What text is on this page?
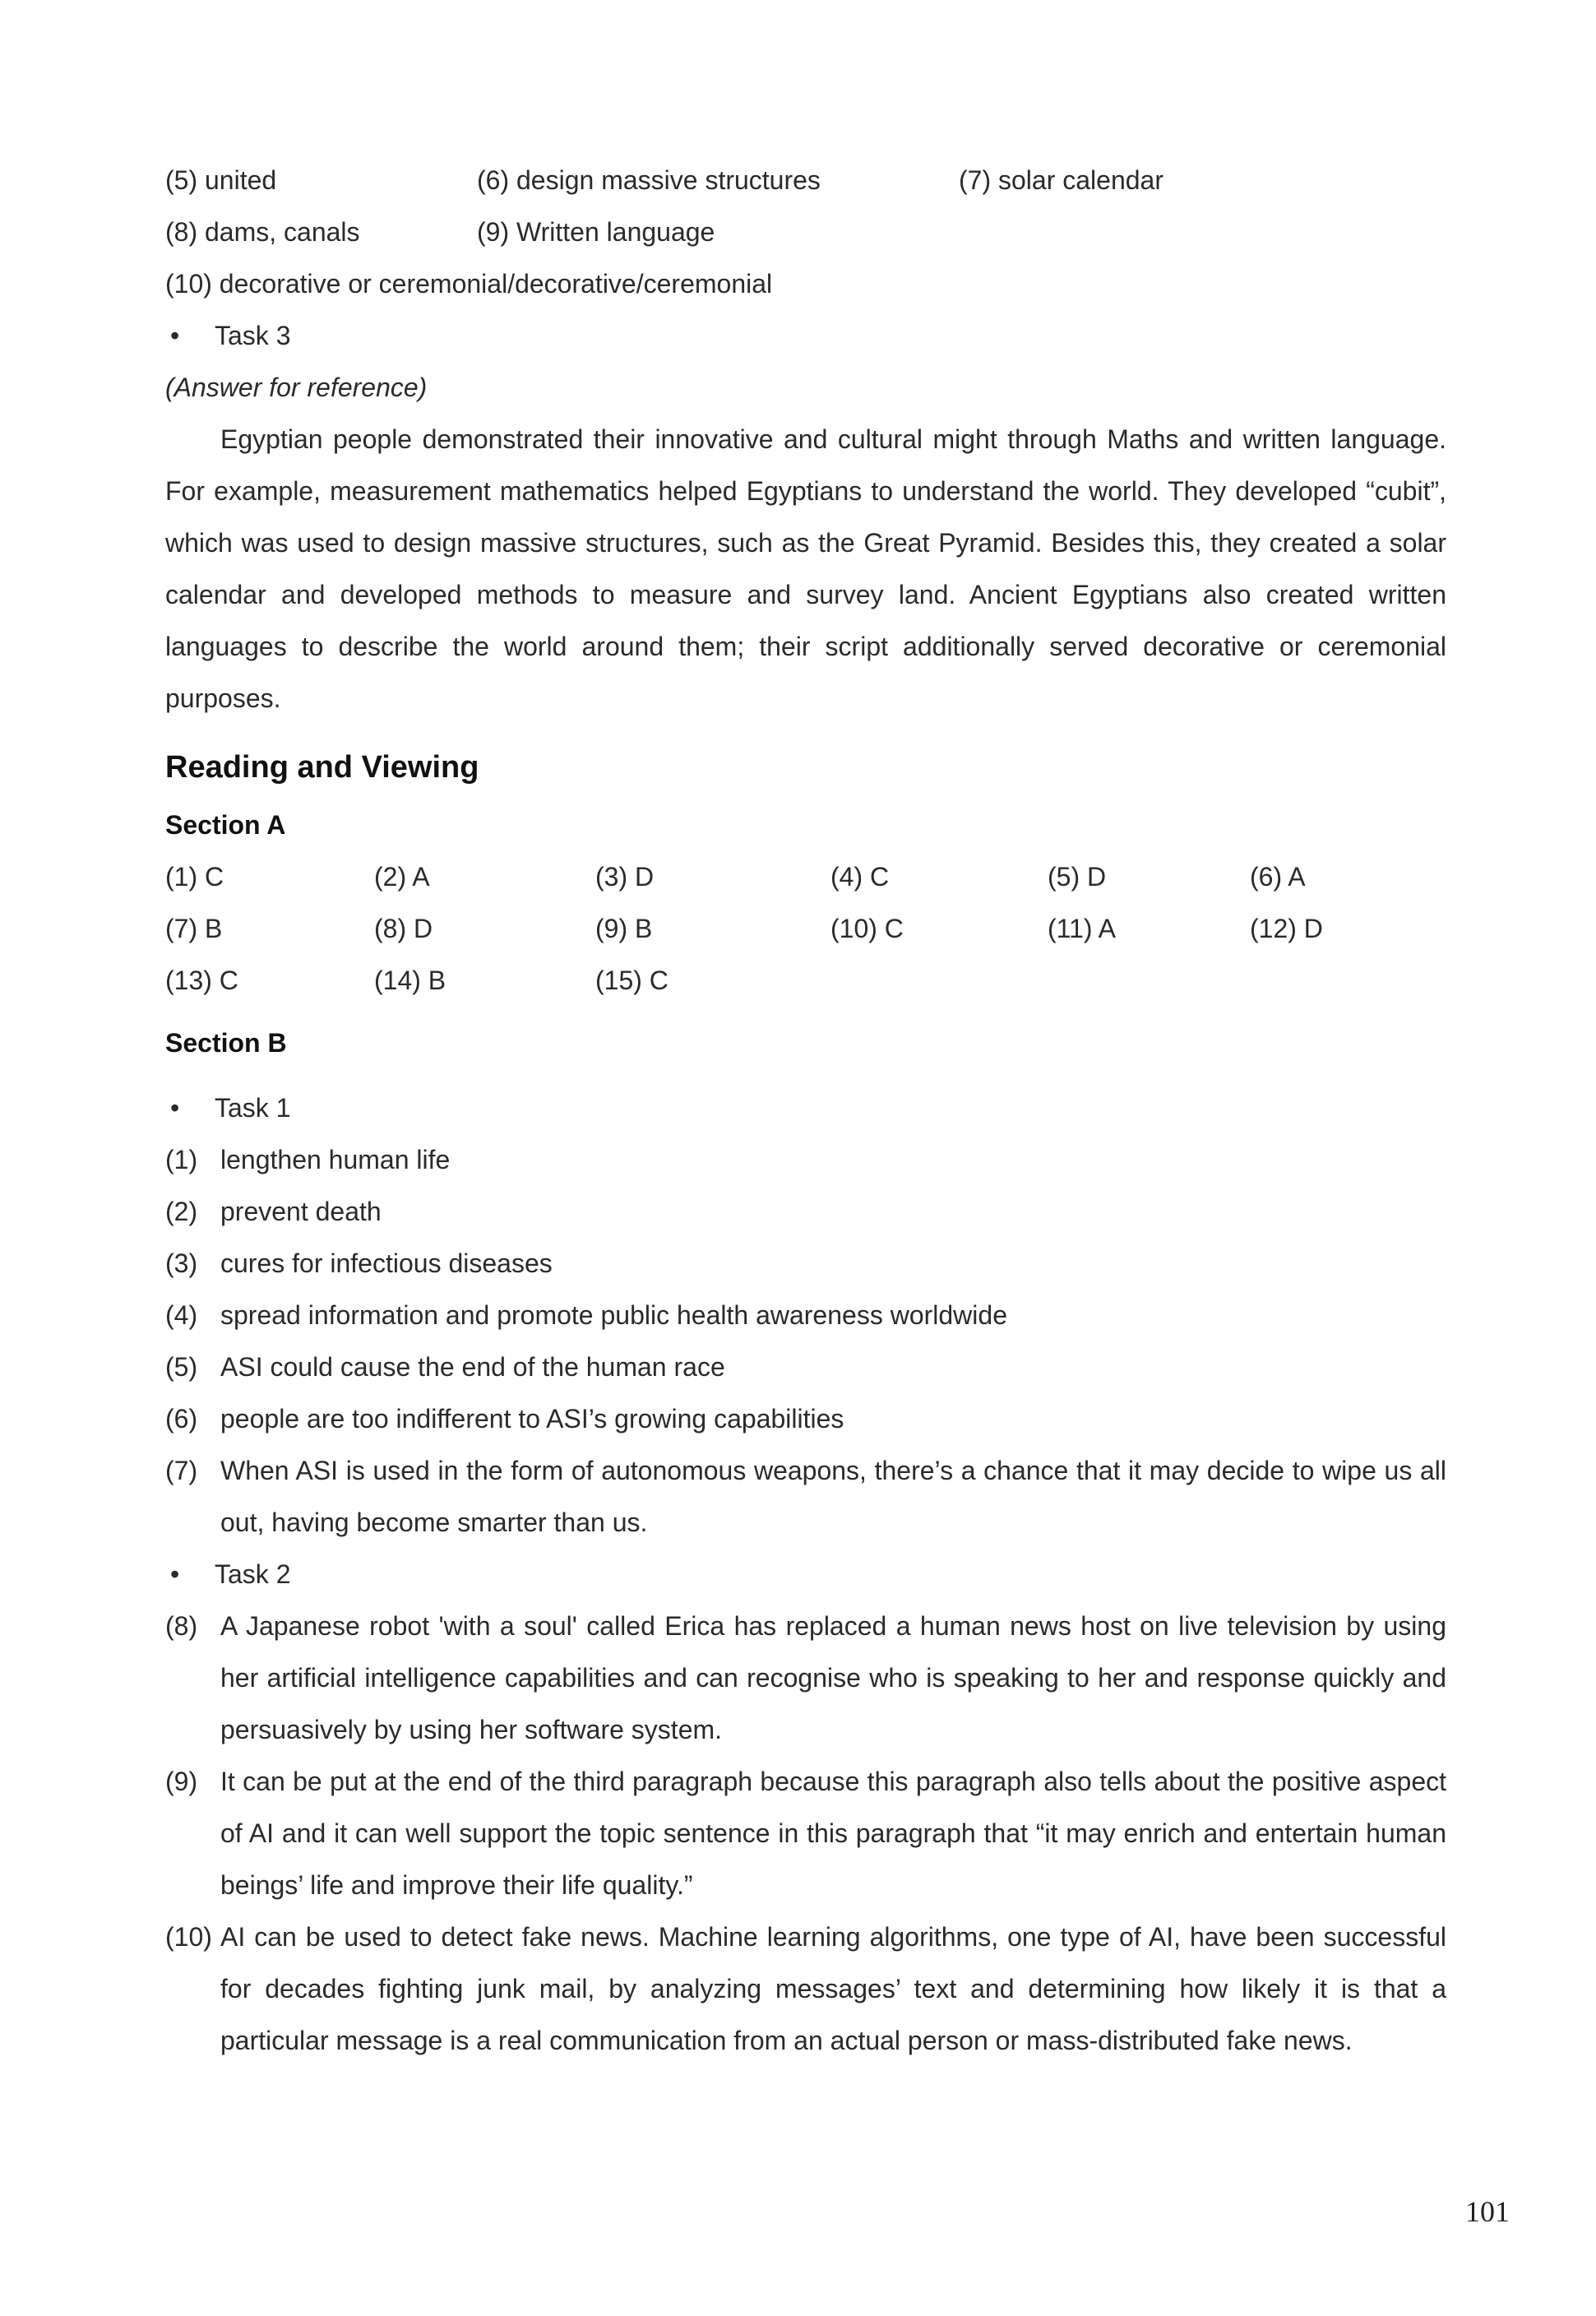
(5) united	(6) design massive structures	(7) solar calendar
(8) dams, canals	(9) Written language
(10) decorative or ceremonial/decorative/ceremonial
• Task 3
(Answer for reference)
Egyptian people demonstrated their innovative and cultural might through Maths and written language. For example, measurement mathematics helped Egyptians to understand the world. They developed “cubit”, which was used to design massive structures, such as the Great Pyramid. Besides this, they created a solar calendar and developed methods to measure and survey land. Ancient Egyptians also created written languages to describe the world around them; their script additionally served decorative or ceremonial purposes.
Reading and Viewing
Section A
(1) C	(2) A	(3) D	(4) C	(5) D	(6) A
(7) B	(8) D	(9) B	(10) C	(11) A	(12) D
(13) C	(14) B	(15) C
Section B
• Task 1
(1) lengthen human life
(2) prevent death
(3) cures for infectious diseases
(4) spread information and promote public health awareness worldwide
(5) ASI could cause the end of the human race
(6) people are too indifferent to ASI’s growing capabilities
(7) When ASI is used in the form of autonomous weapons, there’s a chance that it may decide to wipe us all out, having become smarter than us.
• Task 2
(8) A Japanese robot 'with a soul' called Erica has replaced a human news host on live television by using her artificial intelligence capabilities and can recognise who is speaking to her and response quickly and persuasively by using her software system.
(9) It can be put at the end of the third paragraph because this paragraph also tells about the positive aspect of AI and it can well support the topic sentence in this paragraph that “it may enrich and entertain human beings’ life and improve their life quality.”
(10) AI can be used to detect fake news. Machine learning algorithms, one type of AI, have been successful for decades fighting junk mail, by analyzing messages’ text and determining how likely it is that a particular message is a real communication from an actual person or mass-distributed fake news.
101
